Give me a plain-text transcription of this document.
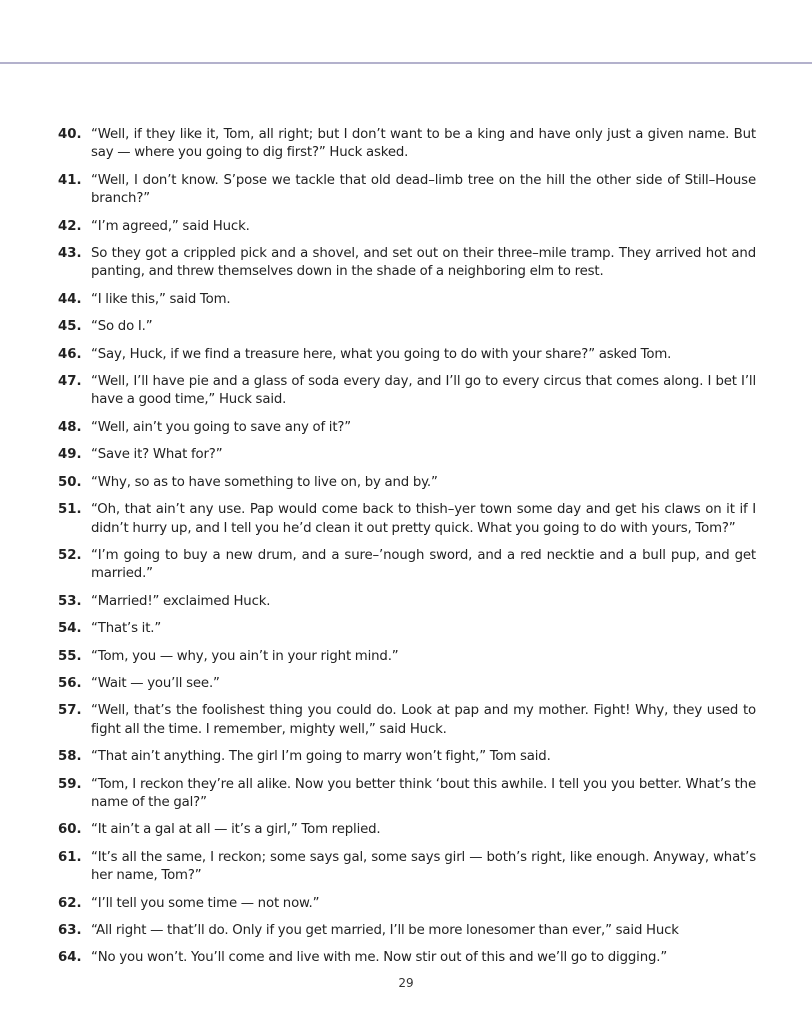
40. “Well, if they like it, Tom, all right; but I don’t want to be a king and have only just a given name. But say — where you going to dig first?” Huck asked.
41. “Well, I don’t know. S’pose we tackle that old dead–limb tree on the hill the other side of Still–House branch?”
42. “I’m agreed,” said Huck.
43. So they got a crippled pick and a shovel, and set out on their three–mile tramp. They arrived hot and panting, and threw themselves down in the shade of a neighboring elm to rest.
44. “I like this,” said Tom.
45. “So do I.”
46. “Say, Huck, if we find a treasure here, what you going to do with your share?” asked Tom.
47. “Well, I’ll have pie and a glass of soda every day, and I’ll go to every circus that comes along. I bet I’ll have a good time,” Huck said.
48. “Well, ain’t you going to save any of it?”
49. “Save it? What for?”
50. “Why, so as to have something to live on, by and by.”
51. “Oh, that ain’t any use. Pap would come back to thish–yer town some day and get his claws on it if I didn’t hurry up, and I tell you he’d clean it out pretty quick. What you going to do with yours, Tom?”
52. “I’m going to buy a new drum, and a sure–’nough sword, and a red necktie and a bull pup, and get married.”
53. “Married!” exclaimed Huck.
54. “That’s it.”
55. “Tom, you — why, you ain’t in your right mind.”
56. “Wait — you’ll see.”
57. “Well, that’s the foolishest thing you could do. Look at pap and my mother. Fight! Why, they used to fight all the time. I remember, mighty well,” said Huck.
58. “That ain’t anything. The girl I’m going to marry won’t fight,” Tom said.
59. “Tom, I reckon they’re all alike. Now you better think ‘bout this awhile. I tell you you better. What’s the name of the gal?”
60. “It ain’t a gal at all — it’s a girl,” Tom replied.
61. “It’s all the same, I reckon; some says gal, some says girl — both’s right, like enough. Anyway, what’s her name, Tom?”
62. “I’ll tell you some time — not now.”
63. “All right — that’ll do. Only if you get married, I’ll be more lonesomer than ever,” said Huck
64. “No you won’t. You’ll come and live with me. Now stir out of this and we’ll go to digging.”
29
